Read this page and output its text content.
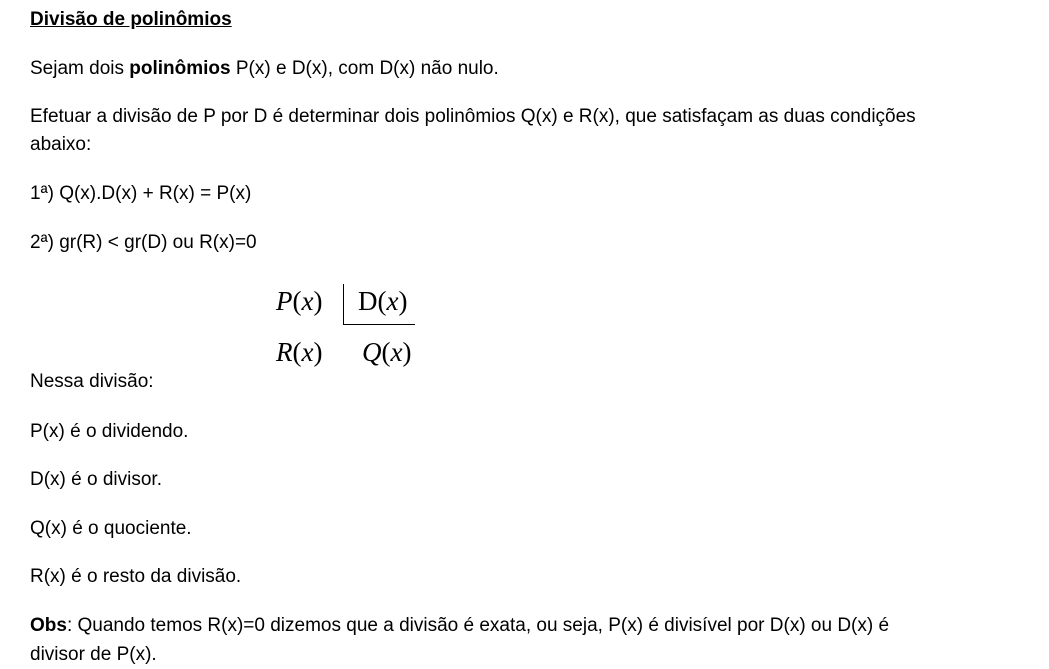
Divisão de polinômios
Sejam dois polinômios P(x) e D(x), com D(x) não nulo.
Efetuar a divisão de P por D é determinar dois polinômios Q(x) e R(x), que satisfaçam as duas condições
abaixo:
1ª) Q(x).D(x) + R(x) = P(x)
2ª) gr(R) < gr(D) ou R(x)=0
Nessa divisão:
P(x) é o dividendo.
D(x) é o divisor.
Q(x) é o quociente.
R(x) é o resto da divisão.
Obs: Quando temos R(x)=0 dizemos que a divisão é exata, ou seja, P(x) é divisível por D(x) ou D(x) é
divisor de P(x).
P(x) D(x)
R(x) Q(x)
